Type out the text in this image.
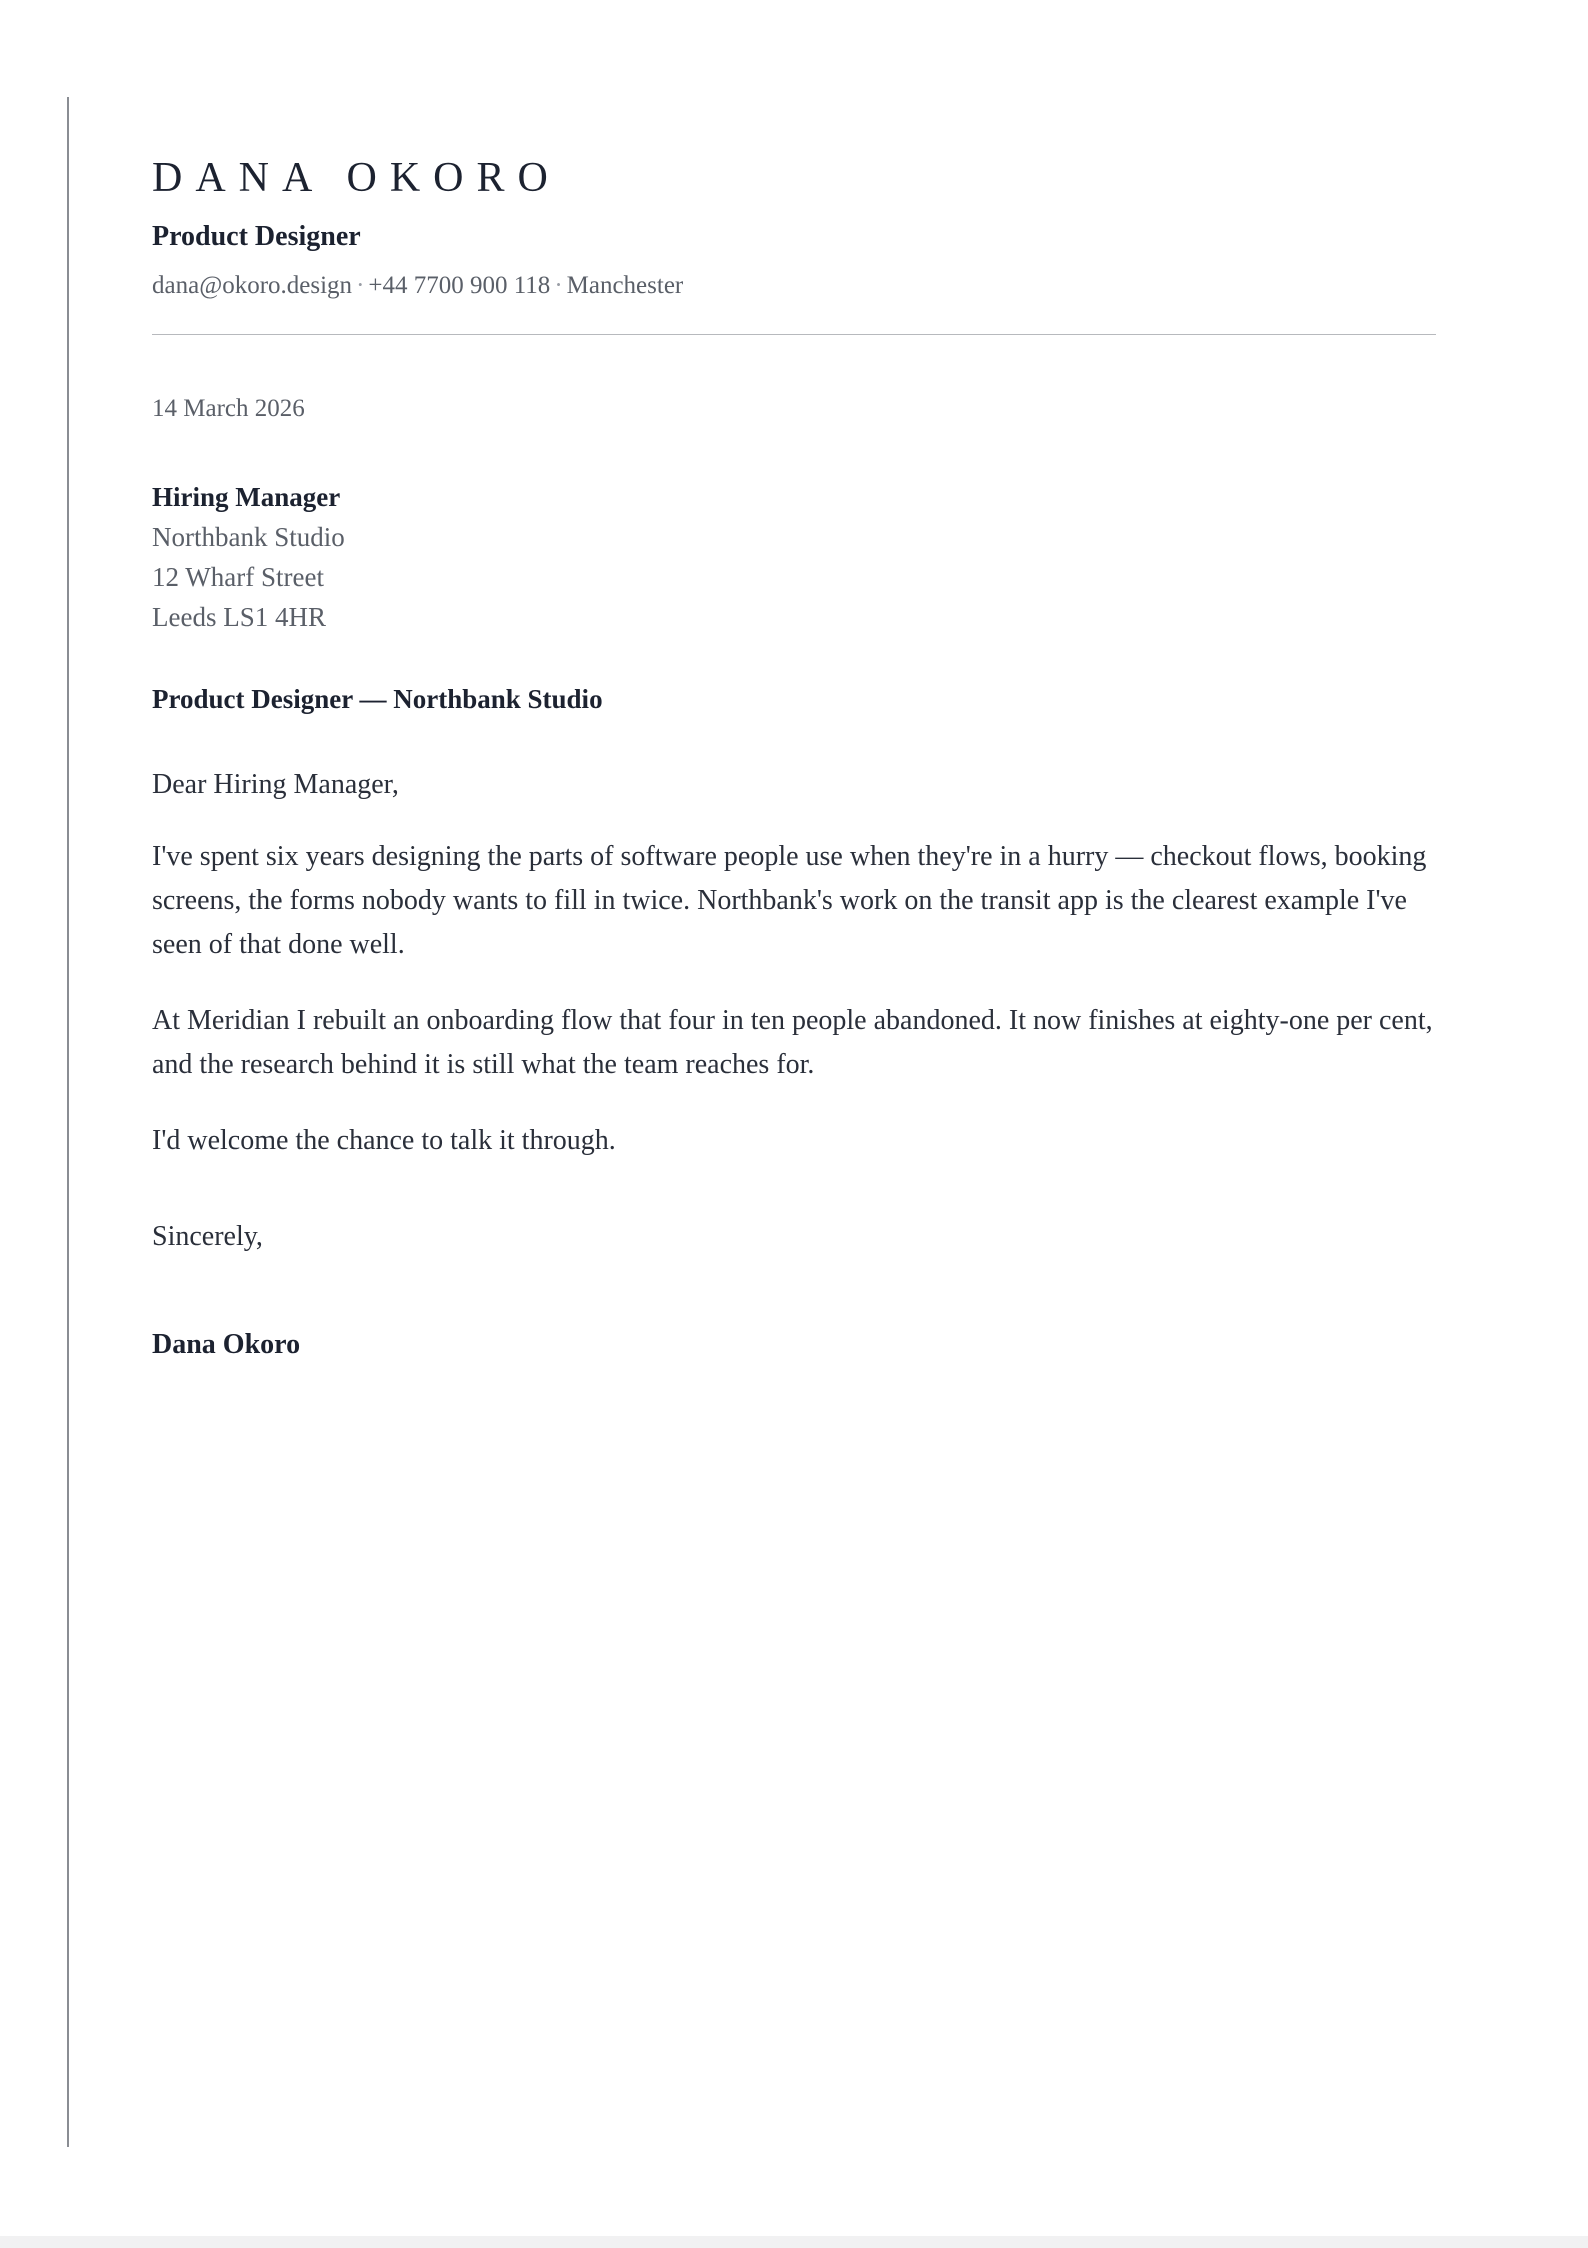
DANA OKORO
Product Designer
dana@okoro.design · +44 7700 900 118 · Manchester
14 March 2026
Hiring Manager
Northbank Studio
12 Wharf Street
Leeds LS1 4HR
Product Designer — Northbank Studio
Dear Hiring Manager,

I've spent six years designing the parts of software people use when they're in a hurry — checkout flows, booking screens, the forms nobody wants to fill in twice. Northbank's work on the transit app is the clearest example I've seen of that done well.

At Meridian I rebuilt an onboarding flow that four in ten people abandoned. It now finishes at eighty-one per cent, and the research behind it is still what the team reaches for.

I'd welcome the chance to talk it through.

Sincerely,
Dana Okoro
